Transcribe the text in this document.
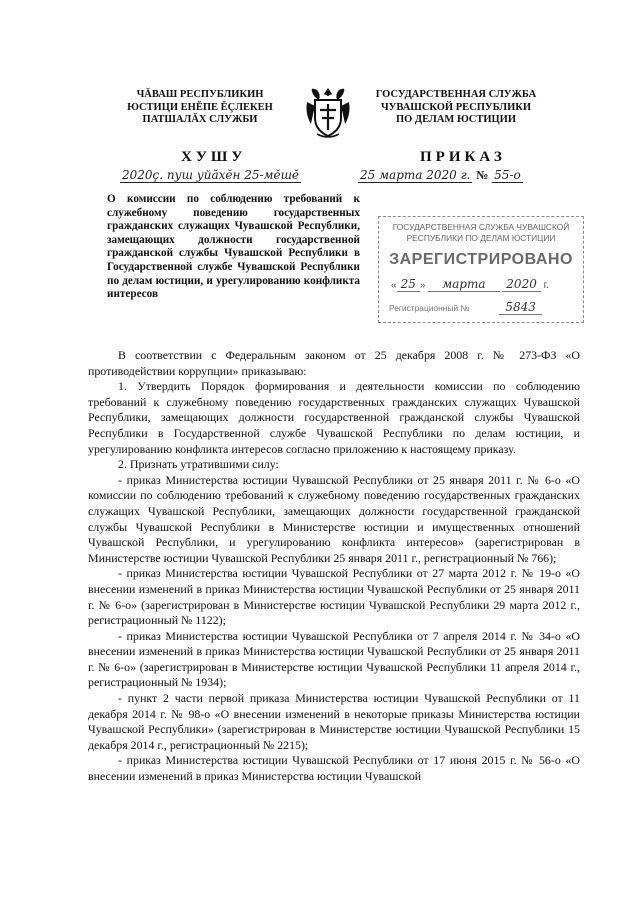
ЧĂВАШ РЕСПУБЛИКИН
ЮСТИЦИ ЕНĔПЕ ĔÇЛЕКЕН
ПАТШАЛĂХ СЛУЖБИ
ГОСУДАРСТВЕННАЯ СЛУЖБА
ЧУВАШСКОЙ РЕСПУБЛИКИ
ПО ДЕЛАМ ЮСТИЦИИ
ХУШУ	ПРИКАЗ
2020ç. пуш уйăхĕн 25-мĕшĕ	25 марта 2020 г. № 55-о
О комиссии по соблюдению требований к служебному поведению государственных гражданских служащих Чувашской Республики, замещающих должности государственной гражданской службы Чувашской Республики в Государственной службе Чувашской Республики по делам юстиции, и урегулированию конфликта интересов
ГОСУДАРСТВЕННАЯ СЛУЖБА ЧУВАШСКОЙ
РЕСПУБЛИКИ ПО ДЕЛАМ ЮСТИЦИИ
ЗАРЕГИСТРИРОВАНО
« 25 » марта 2020 г.
Регистрационный №	5843

В соответствии с Федеральным законом от 25 декабря 2008 г. № 273-ФЗ «О противодействии коррупции» приказываю:

1. Утвердить Порядок формирования и деятельности комиссии по соблюдению требований к служебному поведению государственных гражданских служащих Чувашской Республики, замещающих должности государственной гражданской службы Чувашской Республики в Государственной службе Чувашской Республики по делам юстиции, и урегулированию конфликта интересов согласно приложению к настоящему приказу.

2. Признать утратившими силу:

- приказ Министерства юстиции Чувашской Республики от 25 января 2011 г. № 6-о «О комиссии по соблюдению требований к служебному поведению государственных гражданских служащих Чувашской Республики, замещающих должности государственной гражданской службы Чувашской Республики в Министерстве юстиции и имущественных отношений Чувашской Республики, и урегулированию конфликта интересов» (зарегистрирован в Министерстве юстиции Чувашской Республики 25 января 2011 г., регистрационный № 766);

- приказ Министерства юстиции Чувашской Республики от 27 марта 2012 г. № 19-о «О внесении изменений в приказ Министерства юстиции Чувашской Республики от 25 января 2011 г. № 6-о» (зарегистрирован в Министерстве юстиции Чувашской Республики 29 марта 2012 г., регистрационный № 1122);

- приказ Министерства юстиции Чувашской Республики от 7 апреля 2014 г. № 34-о «О внесении изменений в приказ Министерства юстиции Чувашской Республики от 25 января 2011 г. № 6-о» (зарегистрирован в Министерстве юстиции Чувашской Республики 11 апреля 2014 г., регистрационный № 1934);

- пункт 2 части первой приказа Министерства юстиции Чувашской Республики от 11 декабря 2014 г. № 98-о «О внесении изменений в некоторые приказы Министерства юстиции Чувашской Республики» (зарегистрирован в Министерстве юстиции Чувашской Республики 15 декабря 2014 г., регистрационный № 2215);

- приказ Министерства юстиции Чувашской Республики от 17 июня 2015 г. № 56-о «О внесении изменений в приказ Министерства юстиции Чувашской
